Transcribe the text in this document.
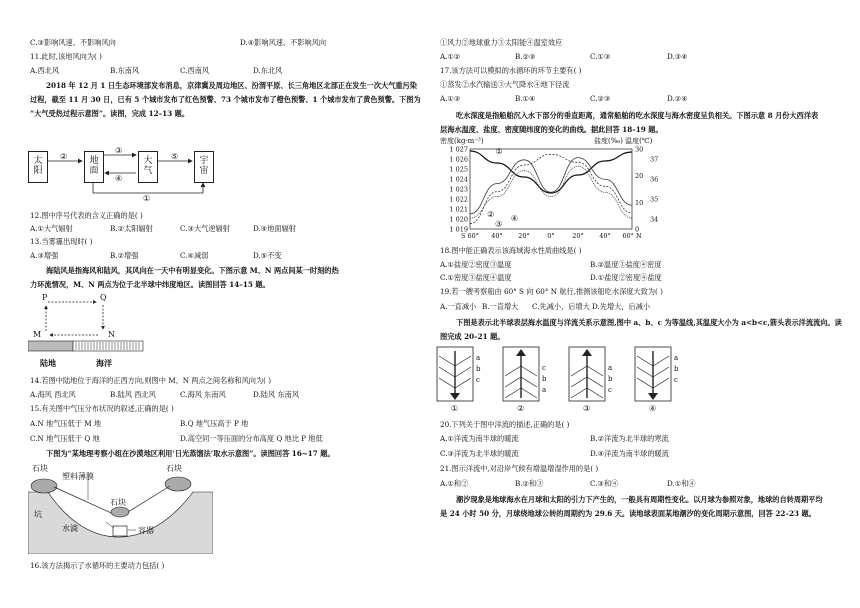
C.③影响风速、不影响风向	D.④影响风速、不影响风向
11.此时,该地风向为( )
A.西北风	B.东南风	C.西南风	D.东北风
2018 年 12 月 1 日生态环境部发布消息，京津冀及周边地区、汾渭平原、长三角地区北部正在发生一次大气重污染
过程，截至 11 月 30 日，已有 5 个城市发布了红色预警、73 个城市发布了橙色预警、1 个城市发布了黄色预警。下图为
“大气受热过程示意图”。读图，完成 12–13 题。
太阳
地面
大气
宇宙
②
③
④
⑤
①
12.图中序号代表的含义正确的是( )
A.①大气辐射	B.②太阳辐射	C.③大气逆辐射	D.④地面辐射
13.当雾霾出现时( )
A.③增强	B.②增强	C.④减弱	D.⑤不变
海陆风是指海风和陆风，其风向在一天中有明显变化。下图示意 M、N 两点间某一时刻的热
力环流情况，M、N 两点为位于北半球中纬度地区。读图回答 14–15 题。
P	Q
M	N
陆地	海洋
14.若图中陆地位于海洋的正西方向,则图中 M、N 两点之间名称和风向为( )
A.海风 西北风	B.陆风 西北风	C.海风 东南风	D.陆风 东南风
15.有关图中气压分布状况的叙述,正确的是( )
A.N 地气压低于 M 地	B.Q 地气压高于 P 地
C.N 地气压低于 Q 地	D.高空同一等压面的分布高度 Q 地比 P 地低
下图为“某地理考察小组在沙漠地区利用‘日光蒸馏法’取水示意图”。读图回答 16~17 题。
石块	石块
塑料薄膜
石块
坑
水滴	容器
16.该方法揭示了水循环的主要动力包括( )
①风力②地球重力③太阳能④温室效应
A.①②	B.②③	C.①③	D.③④
17.该方法可以模拟的水循环的环节主要有( )
①蒸发②水汽输送③大气降水④地下径流
A.①③	B.①④	C.②③	D.②④
吃水深度是指船舶沉入水下部分的垂直距离，通常船舶的吃水深度与海水密度呈负相关。下图示意 8 月份大西洋表
层海水温度、盐度、密度随纬度的变化的曲线。据此回答 18–19 题。
密度(kg·m⁻³)	盐度(‰) 温度(℃)
1 027
1 026
1 025
1 024
1 023
1 022
1 021
1 020
1 019
37
36
35
34
30
20
10
0
S 60° 40° 20°	0°	20° 40° 60° N
①
②
③
④
18.图中能正确表示该海域海水性质曲线是( )
A.①盐度②密度③温度	B.②温度③盐度④密度
C.①密度③盐度④温度	D.①盐度②密度④盐度
19.若一艘考察船由 60° S 向 60° N 航行,推测该船吃水深度大致为( )
A.一直减小 B.一直增大 C.先减小，后增大 D.先增大，后减小
下图是表示北半球表层海水温度与洋流关系示意图,图中 a、b、c 为等温线,其温度大小为 a<b<c,箭头表示洋流流向。读
图完成 20–21 题。
a
b
c
①
c
b
a
②
a
b
c
③
a
b
c
④
20.下列关于图中洋流的描述,正确的是( )
A.①洋流为南半球的暖流	B.②洋流为北半球的寒流
C.③洋流为北半球的暖流	D.④洋流为南半球的暖流
21.图示洋流中,对沿岸气候有增温增湿作用的是( )
A.①和②	B.②和③	C.③和④	D.①和④
潮汐现象是地球海水在月球和太阳的引力下产生的，一般具有周期性变化。以月球为参照对象，地球的自转周期平均
是 24 小时 50 分，月球绕地球公转的周期约为 29.6 天。读地球表面某地潮汐的变化周期示意图，回答 22–23 题。
